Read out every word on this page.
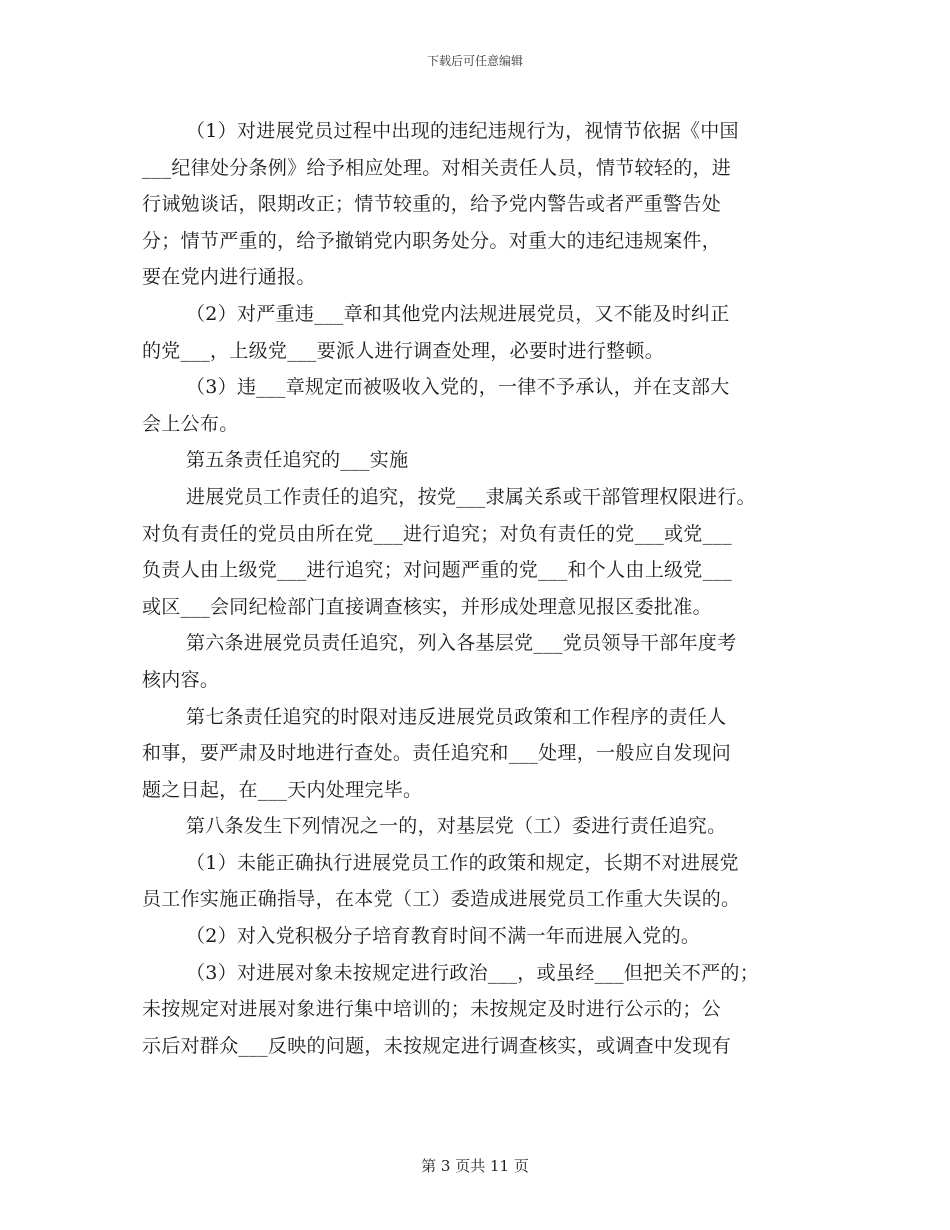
下载后可任意编辑
（1）对进展党员过程中出现的违纪违规行为，视情节依据《中国
___纪律处分条例》给予相应处理。对相关责任人员，情节较轻的，进
行诫勉谈话，限期改正；情节较重的，给予党内警告或者严重警告处
分；情节严重的，给予撤销党内职务处分。对重大的违纪违规案件，
要在党内进行通报。
（2）对严重违___章和其他党内法规进展党员，又不能及时纠正
的党___，上级党___要派人进行调查处理，必要时进行整顿。
（3）违___章规定而被吸收入党的，一律不予承认，并在支部大
会上公布。
第五条责任追究的___实施
进展党员工作责任的追究，按党___隶属关系或干部管理权限进行。
对负有责任的党员由所在党___进行追究；对负有责任的党___或党___
负责人由上级党___进行追究；对问题严重的党___和个人由上级党___
或区___会同纪检部门直接调查核实，并形成处理意见报区委批准。
第六条进展党员责任追究，列入各基层党___党员领导干部年度考
核内容。
第七条责任追究的时限对违反进展党员政策和工作程序的责任人
和事，要严肃及时地进行查处。责任追究和___处理，一般应自发现问
题之日起，在___天内处理完毕。
第八条发生下列情况之一的，对基层党（工）委进行责任追究。
（1）未能正确执行进展党员工作的政策和规定，长期不对进展党
员工作实施正确指导，在本党（工）委造成进展党员工作重大失误的。
（2）对入党积极分子培育教育时间不满一年而进展入党的。
（3）对进展对象未按规定进行政治___，或虽经___但把关不严的；
未按规定对进展对象进行集中培训的；未按规定及时进行公示的；公
示后对群众___反映的问题，未按规定进行调查核实，或调查中发现有
第 3 页共 11 页
